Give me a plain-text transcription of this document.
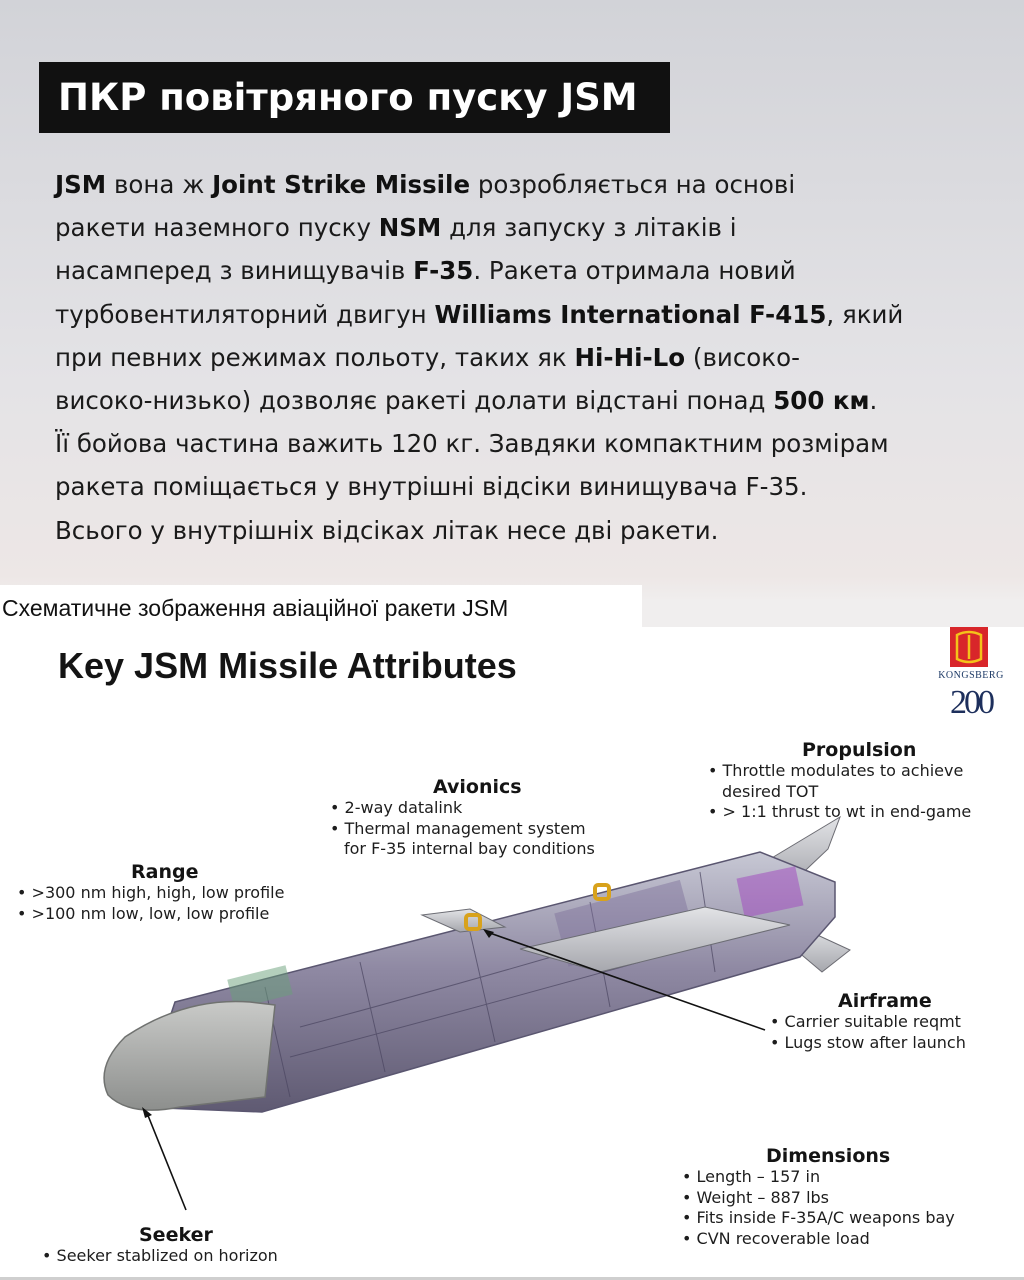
ПКР повітряного пуску JSM
JSM вона ж Joint Strike Missile розробляється на основі
ракети наземного пуску NSM для запуску з літаків і
насамперед з винищувачів F-35. Ракета отримала новий
турбовентиляторний двигун Williams International F-415, який
при певних режимах польоту, таких як Hi-Hi-Lo (високо-
високо-низько) дозволяє ракеті долати відстані понад 500 км.
Її бойова частина важить 120 кг. Завдяки компактним розмірам
ракета поміщається у внутрішні відсіки винищувача F-35.
Всього у внутрішніх відсіках літак несе дві ракети.
Схематичне зображення авіаційної ракети JSM
Key JSM Missile Attributes	KONGSBERG
200
Propulsion
• Throttle modulates to achieve
desired TOT
• > 1:1 thrust to wt in end-game
Avionics
• 2-way datalink
• Thermal management system
for F-35 internal bay conditions
Range
• >300 nm high, high, low profile
• >100 nm low, low, low profile
Airframe
• Carrier suitable reqmt
• Lugs stow after launch
Dimensions
• Length – 157 in
• Weight – 887 lbs
• Fits inside F-35A/C weapons bay
• CVN recoverable load
Seeker
• Seeker stablized on horizon
